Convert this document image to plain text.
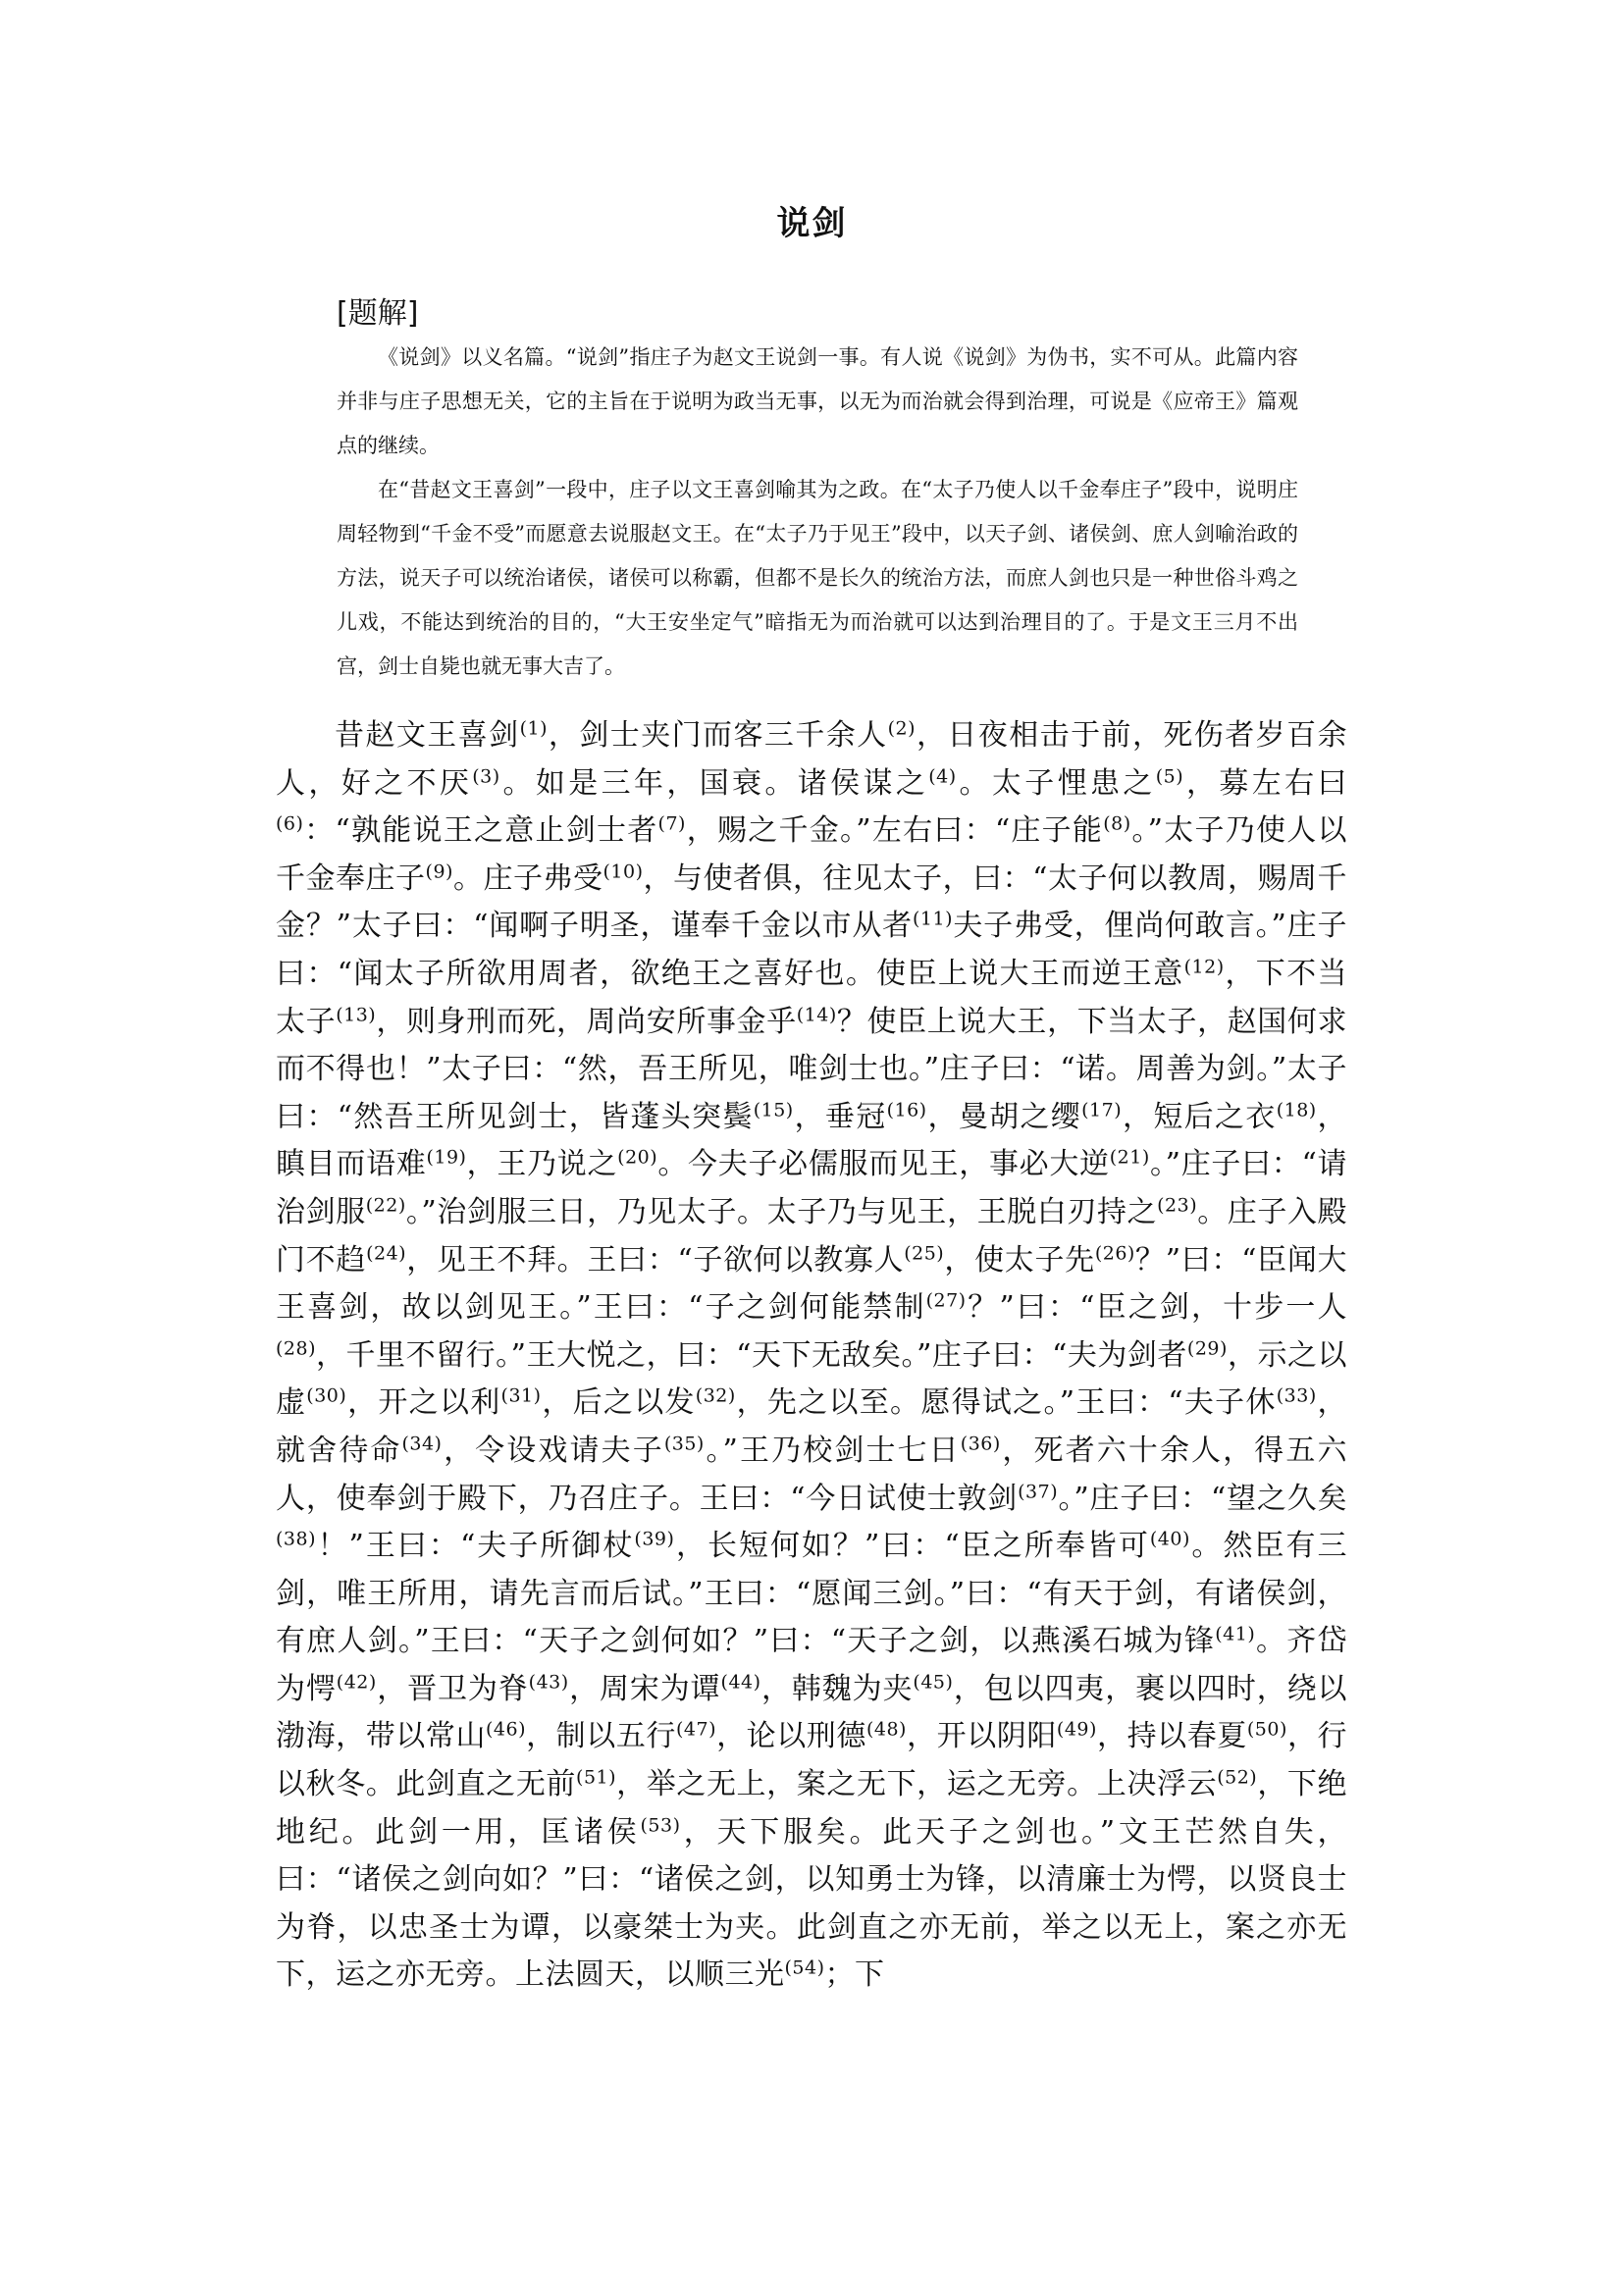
说剑
[题解]

《说剑》以义名篇。“说剑”指庄子为赵文王说剑一事。有人说《说剑》为伪书，实不可从。此篇内容并非与庄子思想无关，它的主旨在于说明为政当无事，以无为而治就会得到治理，可说是《应帝王》篇观点的继续。

在“昔赵文王喜剑”一段中，庄子以文王喜剑喻其为之政。在“太子乃使人以千金奉庄子”段中，说明庄周轻物到“千金不受”而愿意去说服赵文王。在“太子乃于见王”段中，以天子剑、诸侯剑、庶人剑喻治政的方法，说天子可以统治诸侯，诸侯可以称霸，但都不是长久的统治方法，而庶人剑也只是一种世俗斗鸡之儿戏，不能达到统治的目的，“大王安坐定气”暗指无为而治就可以达到治理目的了。于是文王三月不出宫，剑士自毙也就无事大吉了。

昔赵文王喜剑$^{(1)}$，剑士夹门而客三千余人$^{(2)}$，日夜相击于前，死伤者岁百余人，好之不厌$^{(3)}$。如是三年，国衰。诸侯谋之$^{(4)}$。太子悝患之$^{(5)}$，募左右曰$^{(6)}$：“孰能说王之意止剑士者$^{(7)}$，赐之千金。”左右曰：“庄子能$^{(8)}$。”太子乃使人以千金奉庄子$^{(9)}$。庄子弗受$^{(10)}$，与使者俱，往见太子，曰：“太子何以教周，赐周千金？”太子曰：“闻啊子明圣，谨奉千金以市从者$^{(11)}$夫子弗受，俚尚何敢言。”庄子曰：“闻太子所欲用周者，欲绝王之喜好也。使臣上说大王而逆王意$^{(12)}$，下不当太子$^{(13)}$，则身刑而死，周尚安所事金乎$^{(14)}$？使臣上说大王，下当太子，赵国何求而不得也！”太子曰：“然，吾王所见，唯剑士也。”庄子曰：“诺。周善为剑。”太子曰：“然吾王所见剑士，皆蓬头突鬓$^{(15)}$，垂冠$^{(16)}$，曼胡之缨$^{(17)}$，短后之衣$^{(18)}$，瞋目而语难$^{(19)}$，王乃说之$^{(20)}$。今夫子必儒服而见王，事必大逆$^{(21)}$。”庄子曰：“请治剑服$^{(22)}$。”治剑服三日，乃见太子。太子乃与见王，王脱白刃持之$^{(23)}$。庄子入殿门不趋$^{(24)}$，见王不拜。王曰：“子欲何以教寡人$^{(25)}$，使太子先$^{(26)}$？”曰：“臣闻大王喜剑，故以剑见王。”王曰：“子之剑何能禁制$^{(27)}$？”曰：“臣之剑，十步一人$^{(28)}$，千里不留行。”王大悦之，曰：“天下无敌矣。”庄子曰：“夫为剑者$^{(29)}$，示之以虚$^{(30)}$，开之以利$^{(31)}$，后之以发$^{(32)}$，先之以至。愿得试之。”王曰：“夫子休$^{(33)}$，就舍待命$^{(34)}$，令设戏请夫子$^{(35)}$。”王乃校剑士七日$^{(36)}$，死者六十余人，得五六人，使奉剑于殿下，乃召庄子。王曰：“今日试使士敦剑$^{(37)}$。”庄子曰：“望之久矣$^{(38)}$！”王曰：“夫子所御杖$^{(39)}$，长短何如？”曰：“臣之所奉皆可$^{(40)}$。然臣有三剑，唯王所用，请先言而后试。”王曰：“愿闻三剑。”曰：“有天于剑，有诸侯剑，有庶人剑。”王曰：“天子之剑何如？”曰：“天子之剑，以燕溪石城为锋$^{(41)}$。齐岱为愕$^{(42)}$，晋卫为脊$^{(43)}$，周宋为谭$^{(44)}$，韩魏为夹$^{(45)}$，包以四夷，裹以四时，绕以渤海，带以常山$^{(46)}$，制以五行$^{(47)}$，论以刑德$^{(48)}$，开以阴阳$^{(49)}$，持以春夏$^{(50)}$，行以秋冬。此剑直之无前$^{(51)}$，举之无上，案之无下，运之无旁。上决浮云$^{(52)}$，下绝地纪。此剑一用，匡诸侯$^{(53)}$，天下服矣。此天子之剑也。”文王芒然自失，曰：“诸侯之剑向如？”曰：“诸侯之剑，以知勇士为锋，以清廉士为愕，以贤良士为脊，以忠圣士为谭，以豪桀士为夹。此剑直之亦无前，举之以无上，案之亦无下，运之亦无旁。上法圆天，以顺三光$^{(54)}$；下
